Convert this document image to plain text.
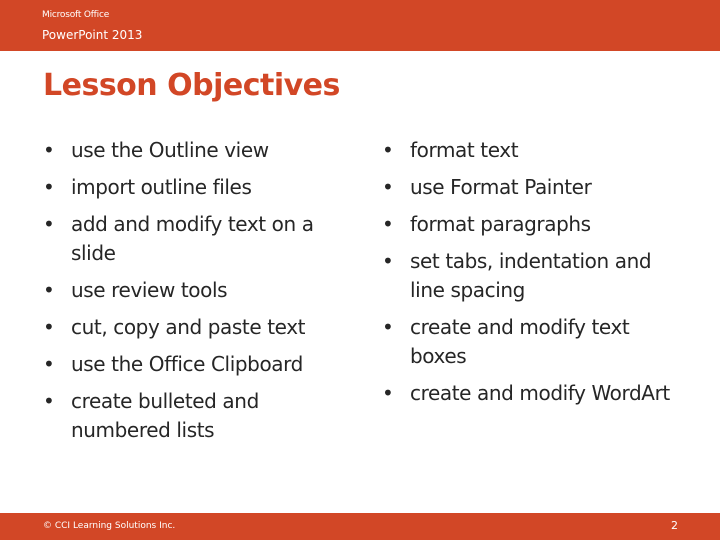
Microsoft Office
PowerPoint 2013
Lesson Objectives
• use the Outline view
• import outline files
• add and modify text on a slide
• use review tools
• cut, copy and paste text
• use the Office Clipboard
• create bulleted and numbered lists
• format text
• use Format Painter
• format paragraphs
• set tabs, indentation and line spacing
• create and modify text boxes
• create and modify WordArt
© CCI Learning Solutions Inc.	2
